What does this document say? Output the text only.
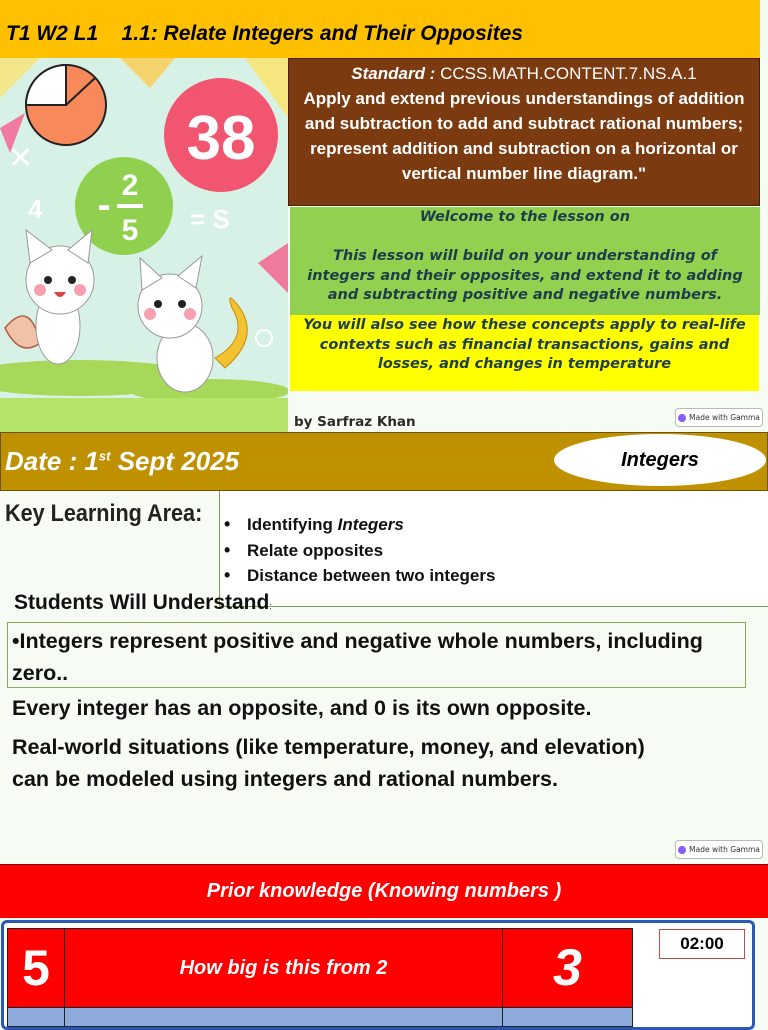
T1 W2 L1    1.1: Relate Integers and Their Opposites
38
- 2
5 = S
4
✕
Standard : CCSS.MATH.CONTENT.7.NS.A.1
Apply and extend previous understandings of addition and subtraction to add and subtract rational numbers; represent addition and subtraction on a horizontal or vertical number line diagram."
Welcome to the lesson on
This lesson will build on your understanding of integers and their opposites, and extend it to adding and subtracting positive and negative numbers.
You will also see how these concepts apply to real-life contexts such as financial transactions, gains and losses, and changes in temperature
by Sarfraz Khan	Made with Gamma
Date : 1st Sept 2025	Integers
Key Learning Area:
•	Identifying Integers
• Relate opposites
• Distance between two integers
Students Will Understand:
•Integers represent positive and negative whole numbers, including zero..
Every integer has an opposite, and 0 is its own opposite.
Real-world situations (like temperature, money, and elevation) can be modeled using integers and rational numbers.
Made with Gamma
Prior knowledge (Knowing numbers )
5	How big is this from 2	3	02:00
